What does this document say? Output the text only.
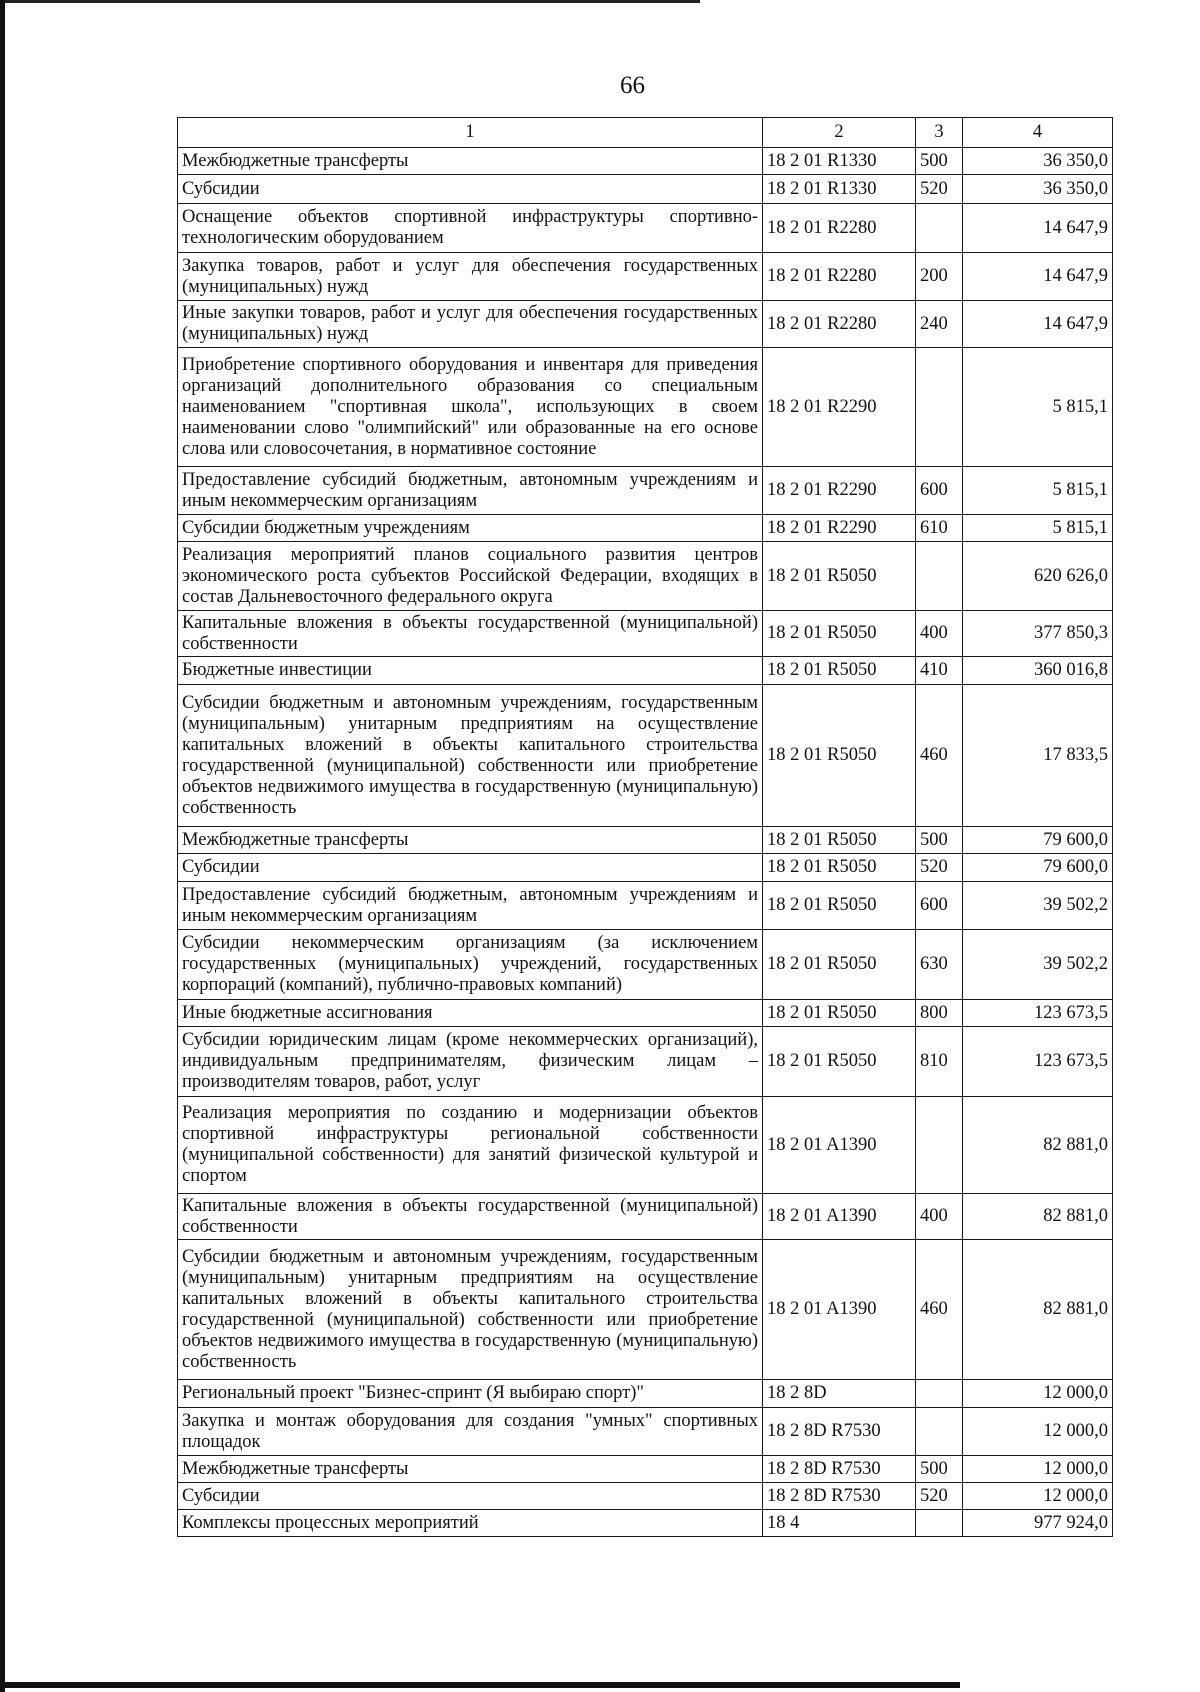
66
1	2	3	4
Межбюджетные трансферты	18 2 01 R1330	500	36 350,0
Субсидии	18 2 01 R1330	520	36 350,0
Оснащение объектов спортивной инфраструктуры спортивно-технологическим оборудованием	18 2 01 R2280		14 647,9
Закупка товаров, работ и услуг для обеспечения государственных (муниципальных) нужд	18 2 01 R2280	200	14 647,9
Иные закупки товаров, работ и услуг для обеспечения государственных (муниципальных) нужд	18 2 01 R2280	240	14 647,9
Приобретение спортивного оборудования и инвентаря для приведения организаций дополнительного образования со специальным наименованием "спортивная школа", использующих в своем наименовании слово "олимпийский" или образованные на его основе слова или словосочетания, в нормативное состояние	18 2 01 R2290		5 815,1
Предоставление субсидий бюджетным, автономным учреждениям и иным некоммерческим организациям	18 2 01 R2290	600	5 815,1
Субсидии бюджетным учреждениям	18 2 01 R2290	610	5 815,1
Реализация мероприятий планов социального развития центров экономического роста субъектов Российской Федерации, входящих в состав Дальневосточного федерального округа	18 2 01 R5050		620 626,0
Капитальные вложения в объекты государственной (муниципальной) собственности	18 2 01 R5050	400	377 850,3
Бюджетные инвестиции	18 2 01 R5050	410	360 016,8
Субсидии бюджетным и автономным учреждениям, государственным (муниципальным) унитарным предприятиям на осуществление капитальных вложений в объекты капитального строительства государственной (муниципальной) собственности или приобретение объектов недвижимого имущества в государственную (муниципальную) собственность	18 2 01 R5050	460	17 833,5
Межбюджетные трансферты	18 2 01 R5050	500	79 600,0
Субсидии	18 2 01 R5050	520	79 600,0
Предоставление субсидий бюджетным, автономным учреждениям и иным некоммерческим организациям	18 2 01 R5050	600	39 502,2
Субсидии некоммерческим организациям (за исключением государственных (муниципальных) учреждений, государственных корпораций (компаний), публично-правовых компаний)	18 2 01 R5050	630	39 502,2
Иные бюджетные ассигнования	18 2 01 R5050	800	123 673,5
Субсидии юридическим лицам (кроме некоммерческих организаций), индивидуальным предпринимателям, физическим лицам – производителям товаров, работ, услуг	18 2 01 R5050	810	123 673,5
Реализация мероприятия по созданию и модернизации объектов спортивной инфраструктуры региональной собственности (муниципальной собственности) для занятий физической культурой и спортом	18 2 01 A1390		82 881,0
Капитальные вложения в объекты государственной (муниципальной) собственности	18 2 01 A1390	400	82 881,0
Субсидии бюджетным и автономным учреждениям, государственным (муниципальным) унитарным предприятиям на осуществление капитальных вложений в объекты капитального строительства государственной (муниципальной) собственности или приобретение объектов недвижимого имущества в государственную (муниципальную) собственность	18 2 01 A1390	460	82 881,0
Региональный проект "Бизнес-спринт (Я выбираю спорт)"	18 2 8D		12 000,0
Закупка и монтаж оборудования для создания "умных" спортивных площадок	18 2 8D R7530		12 000,0
Межбюджетные трансферты	18 2 8D R7530	500	12 000,0
Субсидии	18 2 8D R7530	520	12 000,0
Комплексы процессных мероприятий	18 4		977 924,0
